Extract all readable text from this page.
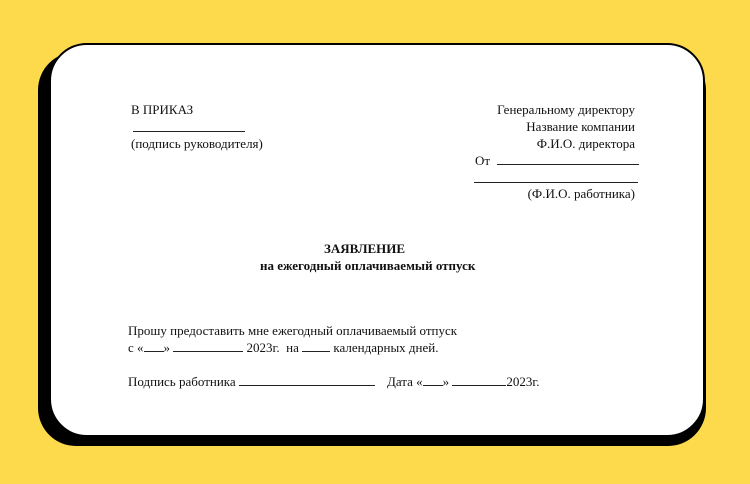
В ПРИКАЗ
(подпись руководителя)
Генеральному директору
Название компании
Ф.И.О. директора
От
(Ф.И.О. работника)
ЗАЯВЛЕНИЕ
на ежегодный оплачиваемый отпуск
Прошу предоставить мне ежегодный оплачиваемый отпуск
с « »	2023г. на	календарных дней.
Подпись работника	Дата « »	2023г.
